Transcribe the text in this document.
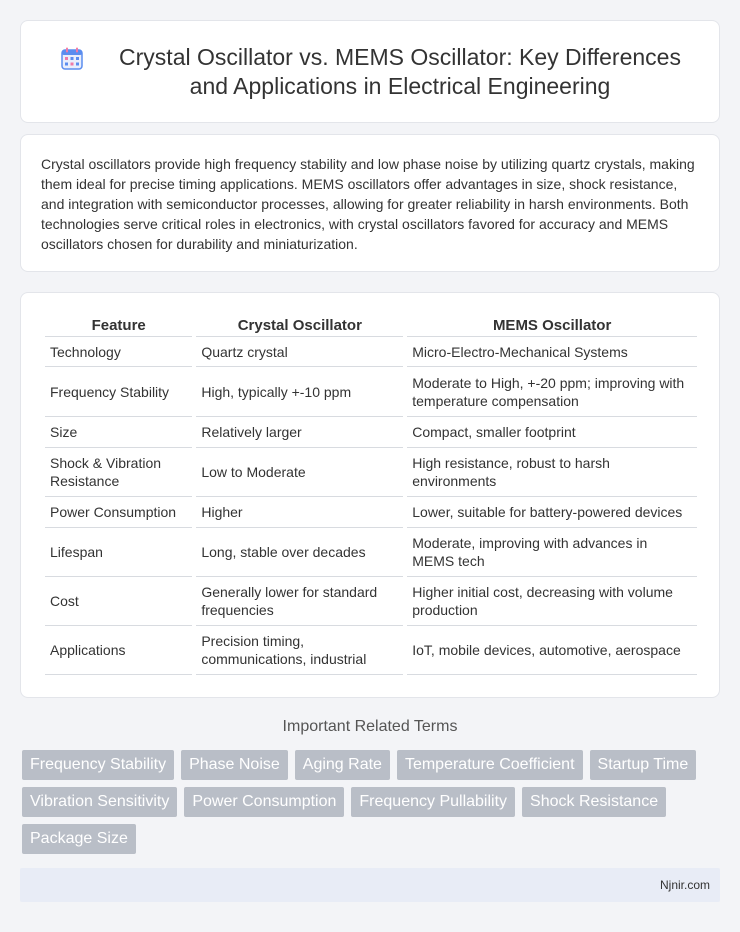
Crystal Oscillator vs. MEMS Oscillator: Key Differences and Applications in Electrical Engineering

Crystal oscillators provide high frequency stability and low phase noise by utilizing quartz crystals, making them ideal for precise timing applications. MEMS oscillators offer advantages in size, shock resistance, and integration with semiconductor processes, allowing for greater reliability in harsh environments. Both technologies serve critical roles in electronics, with crystal oscillators favored for accuracy and MEMS oscillators chosen for durability and miniaturization.

Feature	Crystal Oscillator	MEMS Oscillator
Technology	Quartz crystal	Micro-Electro-Mechanical Systems
Frequency Stability	High, typically +-10 ppm	Moderate to High, +-20 ppm; improving with temperature compensation
Size	Relatively larger	Compact, smaller footprint
Shock & Vibration Resistance	Low to Moderate	High resistance, robust to harsh environments
Power Consumption	Higher	Lower, suitable for battery-powered devices
Lifespan	Long, stable over decades	Moderate, improving with advances in MEMS tech
Cost	Generally lower for standard frequencies	Higher initial cost, decreasing with volume production
Applications	Precision timing, communications, industrial	IoT, mobile devices, automotive, aerospace
Important Related Terms
Frequency Stability	Phase Noise	Aging Rate	Temperature Coefficient	Startup Time
Vibration Sensitivity	Power Consumption	Frequency Pullability	Shock Resistance
Package Size
Njnir.com
